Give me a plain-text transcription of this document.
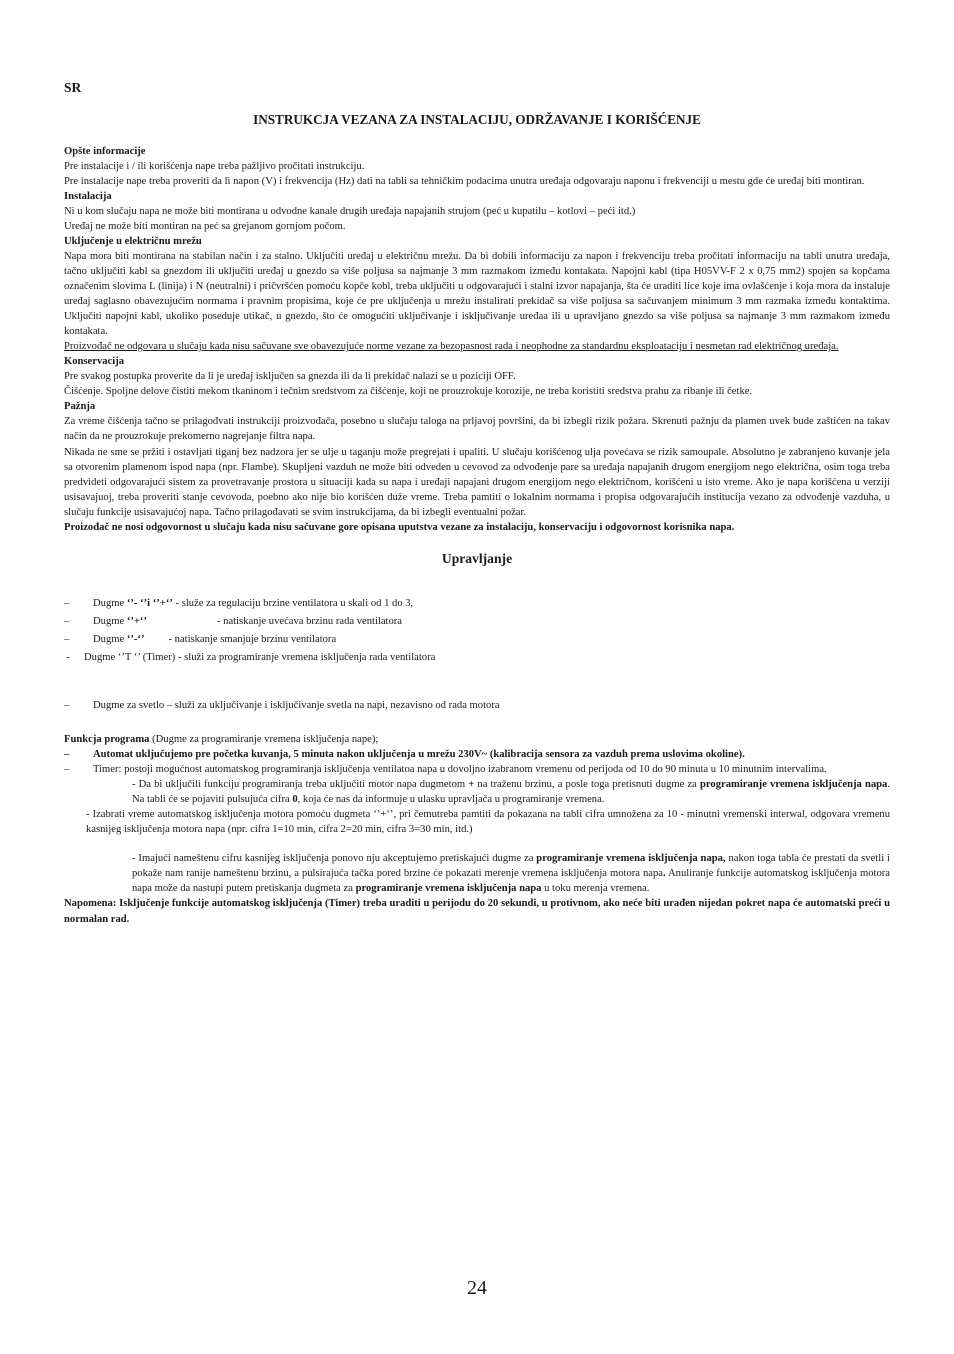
SR
INSTRUKCJA VEZANA ZA INSTALACIJU, ODRŽAVANJE I KORIŠĆENJE
Opšte informacije

Pre instalacije i / ili korišćenja nape treba pažljivo pročitati instrukciju.

Pre instalacije nape treba proveriti da li napon (V) i frekvencija (Hz) dati na tabli sa tehničkim podacima unutra uređaja odgovaraju naponu i frekvenciji u mestu gde će uređaj biti montiran.

Instalacija

Ni u kom slučaju napa ne može biti montirana u odvodne kanale drugih uređaja napajanih strujom (peć u kupatilu – kotlovi – peći itd.)

Uređaj ne može biti montiran na peć sa grejanom gornjom počom.

Uključenje u električnu mrežu

Napa mora biti montirana na stabilan način i za stalno. Uključiti uređaj u električnu mrežu. Da bi dobili informaciju za napon i frekvenciju treba pročitati informaciju na tabli unutra uređaja, tačno uključiti kabl sa gnezdom ili uključiti uređaj u gnezdo sa više poljusa sa najmanje 3 mm razmakom između kontakata. Napojni kabl (tipa H05VV-F 2 x 0,75 mm2) spojen sa kopčama označenim slovima L (linija) i N (neutralni) i pričvršćen pomoću kopče kobl, treba uključiti u odgovarajući i stalni izvor napajanja, šta će uraditi lice koje ima ovlašćenje i koja mora da instaluje uređaj saglasno obavezujućim normama i pravnim propisima, koje će pre uključenja u mrežu instalirati prekidač sa više poljusa sa sačuvanjem minimum 3 mm razmaka između kontaktima. Uključiti napojni kabl, ukoliko poseduje utikač, u gnezdo, što će omogućiti uključivanje i isključivanje uređaa ili u upravljano gnezdo sa više poljusa sa najmanje 3 mm razmakom između kontakata.

Proizvođač ne odgovara u slučaju kada nisu sačuvane sve obavezujuće norme vezane za bezopasnost rada i neophodne za standardnu eksploataciju i nesmetan rad električnog uređaja.

Konservacija

Pre svakog postupka proverite da li je uređaj isključen sa gnezda ili da li prekidač nalazi se u poziciji OFF.

Čišćenje. Spoljne delove čistiti mekom tkaninom i tečnim sredstvom za čišćenje, koji ne prouzrokuje korozije, ne treba koristiti sredstva prahu za ribanje ili četke.

Pažnja

Za vreme čišćenja tačno se prilagođvati instrukciji proizvođača, posebno u slučaju taloga na prljavoj površini, da bi izbegli rizik požara. Skrenuti pažnju da plamen uvek bude zaštićen na takav način da ne prouzrokuje prekomerno nagrejanje filtra napa.

Nikada ne sme se pržiti i ostavljati tiganj bez nadzora jer se ulje u taganju može pregrejati i upaliti. U slučaju korišćenog ulja povećava se rizik samoupale. Absolutno je zabranjeno kuvanje jela sa otvorenim plamenom ispod napa (npr. Flambe). Skupljeni vazduh ne može biti odveden u cevovod za odvođenje pare sa uređaja napajanih drugom energijom nego električna, osim toga treba predvideti odgovarajući sistem za provetravanje prostora u situaciji kada su napa i uređaji napajani drugom energijom nego električnom, korišćeni u isto vreme. Ako je napa korišćena u verziji usisavajuoj, treba proveriti stanje cevovoda, poebno ako nije bio korišćen duže vreme. Treba pamtiti o lokalnim normama i propisa odgovarajućih institucija vezano za odvođenje vazduha, u slučaju funkcije usisavajućoj napa. Tačno prilagođavati se svim instrukcijama, da bi izbegli eventualni požar.

Proizođač ne nosi odgovornost u slučaju kada nisu sačuvane gore opisana uputstva vezane za instalaciju, konservaciju i odgovornost korisnika napa.

Upravljanje
– Dugme ‘’- ‘’i ‘’+‘’ - služe za regulaciju brzine ventilatora u skali od 1 do 3,
– Dugme ‘’+‘’	- natiskanje uvećava brzinu rada ventilatora
– Dugme ‘’-‘’ - natiskanje smanjuje brzinu ventilatora
- Dugme ‘’T ‘’ (Timer) - služi za programiranje vremena isključenja rada ventilatora
– Dugme za svetlo – služi za uključivanje i isključivanje svetla na napi, nezavisno od rada motora

Funkcja programa (Dugme za programiranje vremena isključenja nape);

– Automat uključujemo pre početka kuvanja, 5 minuta nakon uključenja u mrežu 230V~ (kalibracija sensora za vazduh prema uslovima okoline).
– Timer: postoji mogućnost automatskog programiranja isključenja ventilatoa napa u dovoljno izabranom vremenu od perijoda od 10 do 90 minuta u 10 minutnim intervalima.

- Da bi uključili funkciju programiranja treba uključiti motor napa dugmetom + na traženu brzinu, a posle toga pretisnuti dugme za programiranje vremena isključenja napa. Na tabli će se pojaviti pulsujuća cifra 0, koja će nas da informuje u ulasku upravljača u programiranje vremena.

- Izabrati vreme automatskog isključenja motora pomoću dugmeta ‘’+‘’, pri čemutreba pamtiti da pokazana na tabli cifra umnožena za 10 - minutni vremenski interwal, odgovara vremenu kasnijeg isključenja motora napa (npr. cifra 1=10 min, cifra 2=20 min, cifra 3=30 min, itd.)

- Imajući nameštenu cifru kasnijeg isključenja ponovo nju akceptujemo pretiskajući dugme za programiranje vremena isključenja napa, nakon toga tabla će prestati da svetli i pokaže nam ranije nameštenu brzinu, a pulsirajuća tačka pored brzine će pokazati merenje vremena isključenja motora napa. Anuliranje funkcije automatskog isključenja motora napa može da nastupi putem pretiskanja dugmeta za programiranje vremena isključenja napa u toku merenja vremena.

Napomena: Isključenje funkcije automatskog isključenja (Timer) treba uraditi u perijodu do 20 sekundi, u protivnom, ako neće biti urađen nijedan pokret napa će automatski preći u normalan rad.

24
